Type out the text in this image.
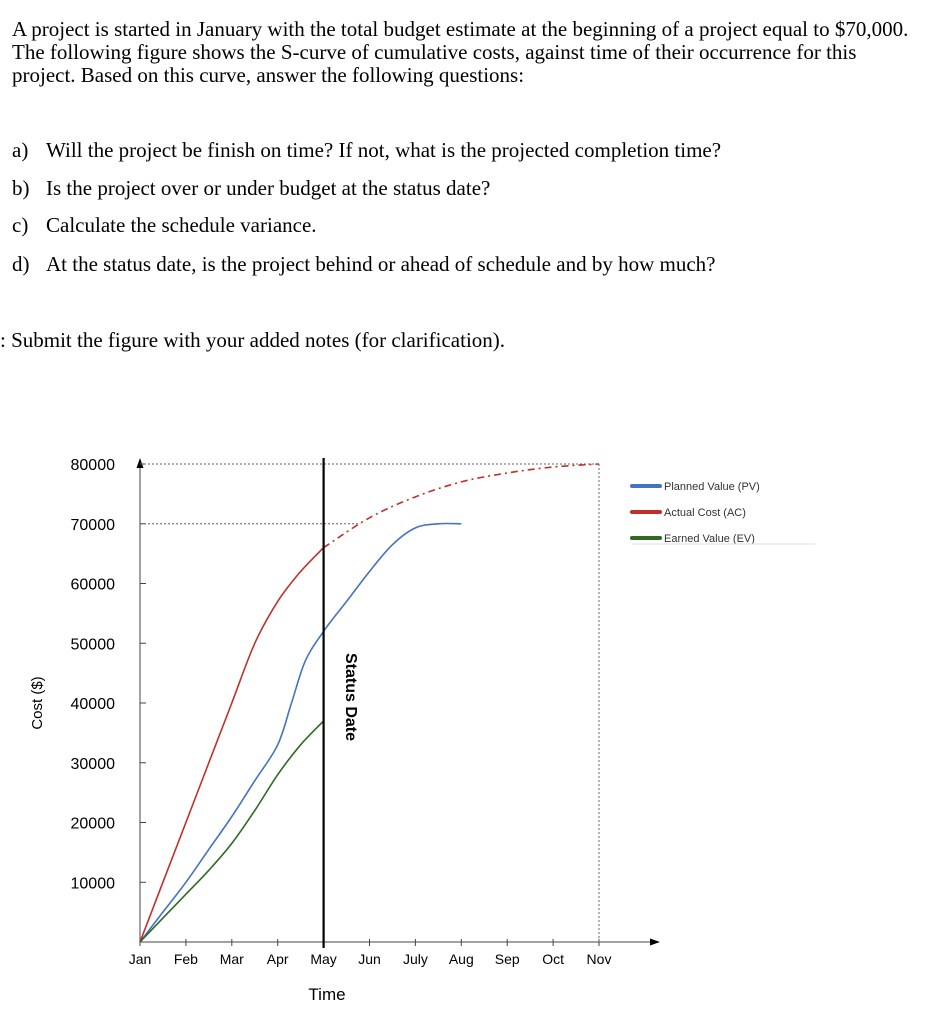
A project is started in January with the total budget estimate at the beginning of a project equal to $70,000. The following figure shows the S-curve of cumulative costs, against time of their occurrence for this project. Based on this curve, answer the following questions:

a) Will the project be finish on time? If not, what is the projected completion time?
b) Is the project over or under budget at the status date?
c) Calculate the schedule variance.
d) At the status date, is the project behind or ahead of schedule and by how much?
: Submit the figure with your added notes (for clarification).
10000
20000
30000
40000
50000
60000
70000
80000
Jan Feb Mar Apr May Jun July Aug Sep Oct Nov
Time
Cost ($)	Status Date
Planned Value (PV)
Actual Cost (AC)
Earned Value (EV)
